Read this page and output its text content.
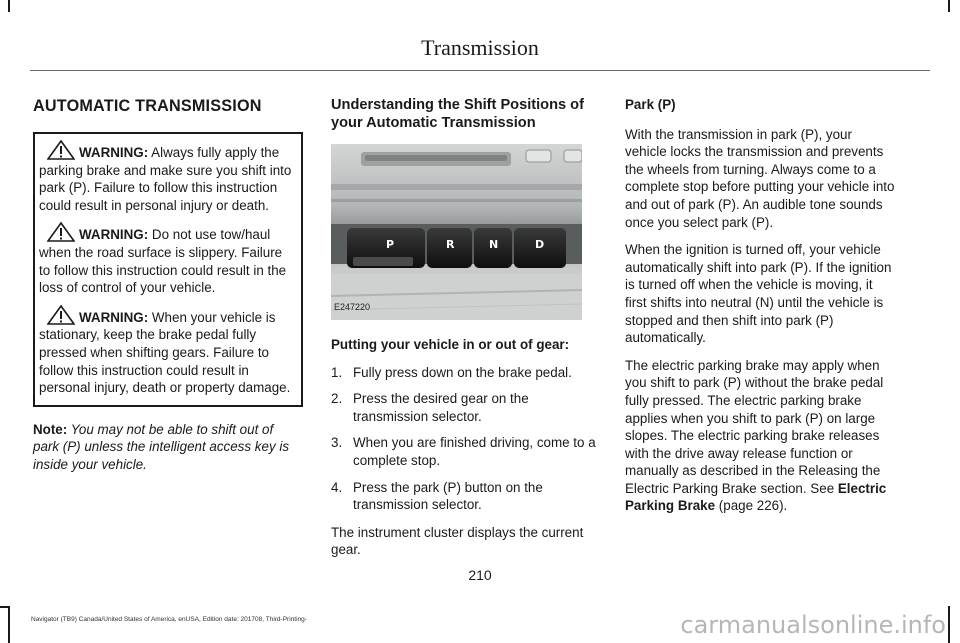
Transmission
AUTOMATIC TRANSMISSION

WARNING: Always fully apply the parking brake and make sure you shift into park (P). Failure to follow this instruction could result in personal injury or death.

WARNING: Do not use tow/haul when the road surface is slippery. Failure to follow this instruction could result in the loss of control of your vehicle.

WARNING: When your vehicle is stationary, keep the brake pedal fully pressed when shifting gears. Failure to follow this instruction could result in personal injury, death or property damage.

Note: You may not be able to shift out of park (P) unless the intelligent access key is inside your vehicle.

Understanding the Shift Positions of your Automatic Transmission
P	R	N	D
E247220
Putting your vehicle in or out of gear:
1. Fully press down on the brake pedal.
2. Press the desired gear on the transmission selector.
3. When you are finished driving, come to a complete stop.
4. Press the park (P) button on the transmission selector.

The instrument cluster displays the current gear.

Park (P)

With the transmission in park (P), your vehicle locks the transmission and prevents the wheels from turning. Always come to a complete stop before putting your vehicle into and out of park (P). An audible tone sounds once you select park (P).

When the ignition is turned off, your vehicle automatically shift into park (P). If the ignition is turned off when the vehicle is moving, it first shifts into neutral (N) until the vehicle is stopped and then shift into park (P) automatically.

The electric parking brake may apply when you shift to park (P) without the brake pedal fully pressed. The electric parking brake applies when you shift to park (P) on large slopes. The electric parking brake releases with the drive away release function or manually as described in the Releasing the Electric Parking Brake section. See Electric Parking Brake (page 226).

210
Navigator (TB9) Canada/United States of America, enUSA, Edition date: 201708, Third-Printing-	carmanualsonline.info
